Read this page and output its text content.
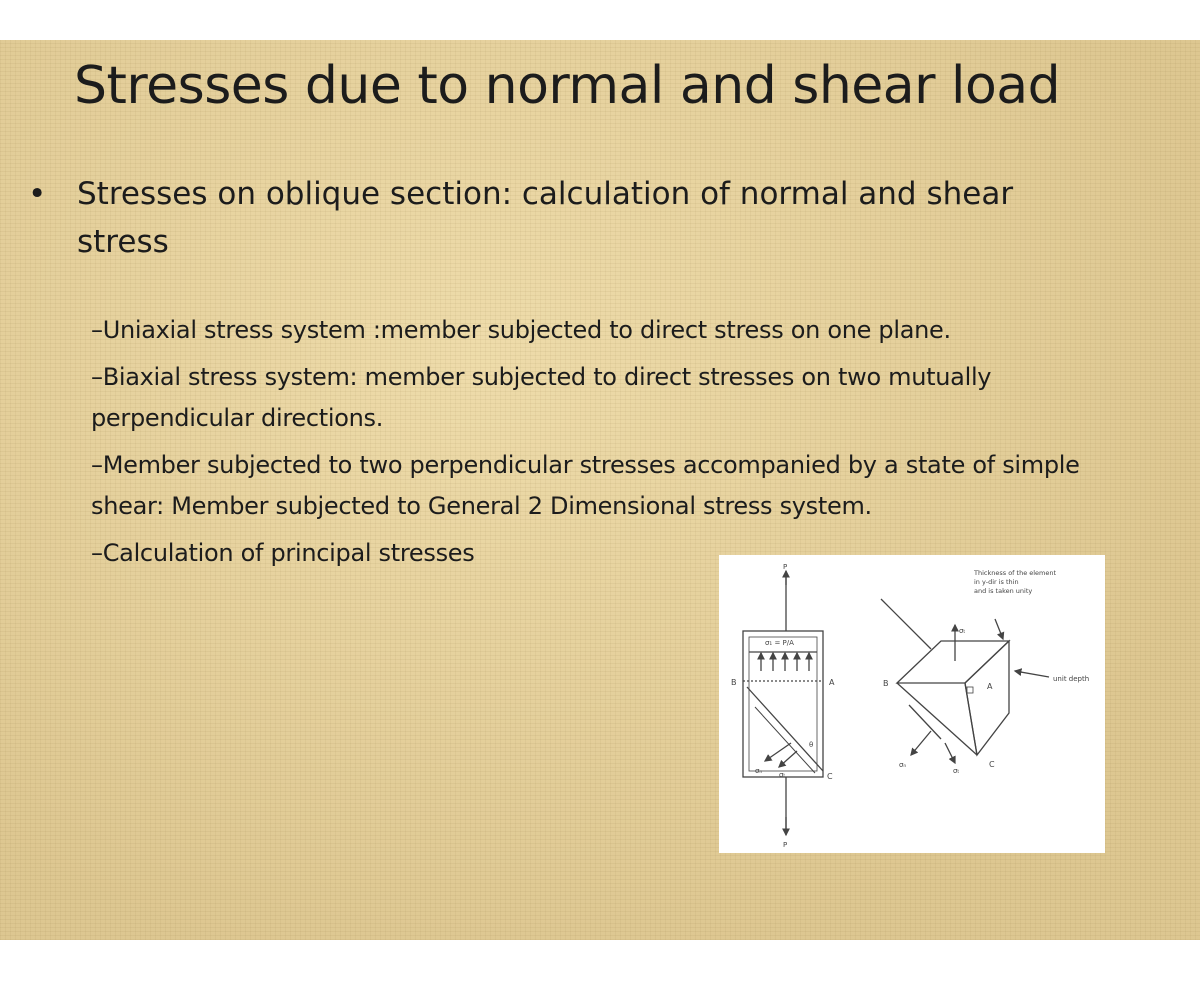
Stresses due to normal and shear load
• Stresses on oblique section: calculation of normal and shear stress
–Uniaxial stress system :member subjected to direct stress on one plane.
–Biaxial stress system: member subjected to direct stresses on two mutually perpendicular directions.
–Member subjected to two perpendicular stresses accompanied by a state of simple shear: Member subjected to General 2 Dimensional stress system.
–Calculation of principal stresses	P
P
σ₁ = P/A
B	A
C
σₙ σₜ
θ
Thickness of the element in y-dir is thin and is taken unity
unit depth
B	A
C
σₜ
σₙ
σₜ
